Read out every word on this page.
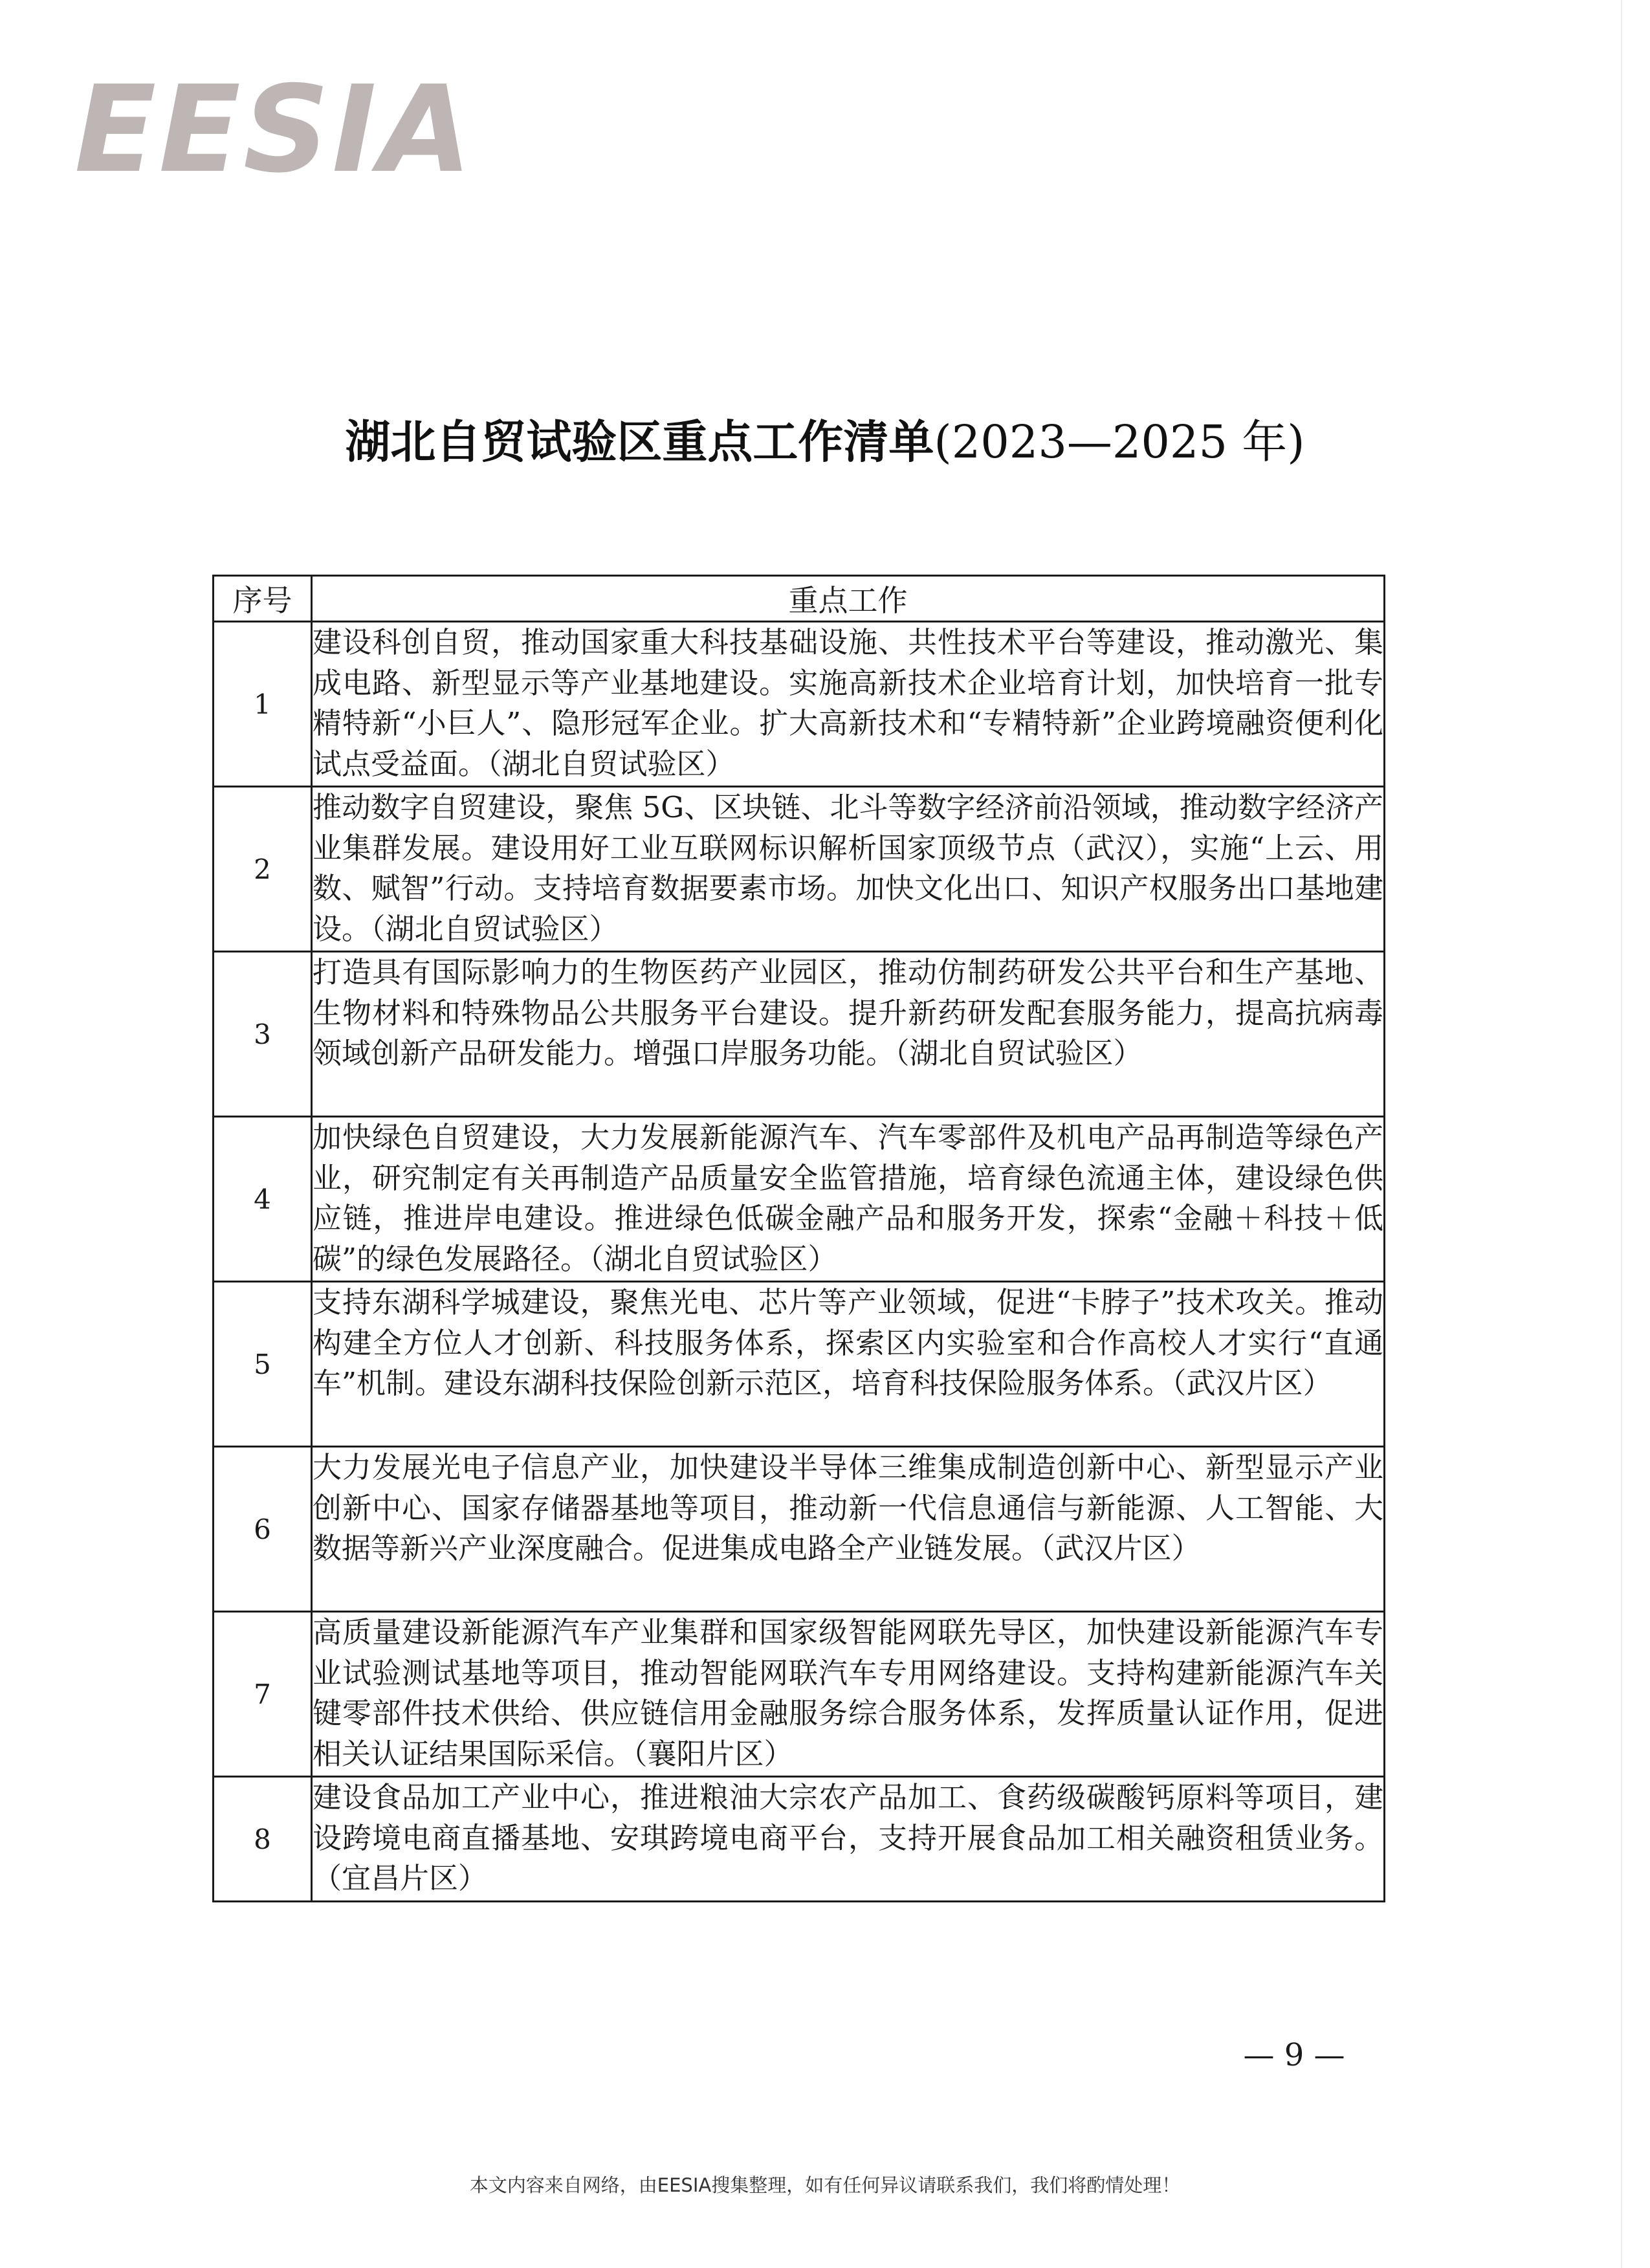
EESIA
湖北自贸试验区重点工作清单(2023—2025 年)
序号	重点工作
1	建设科创自贸，推动国家重大科技基础设施、共性技术平台等建设，推动激光、集成电路、新型显示等产业基地建设。实施高新技术企业培育计划，加快培育一批专精特新“小巨人”、隐形冠军企业。扩大高新技术和“专精特新”企业跨境融资便利化试点受益面。（湖北自贸试验区）
2	推动数字自贸建设，聚焦 5G、区块链、北斗等数字经济前沿领域，推动数字经济产业集群发展。建设用好工业互联网标识解析国家顶级节点（武汉），实施“上云、用数、赋智”行动。支持培育数据要素市场。加快文化出口、知识产权服务出口基地建设。（湖北自贸试验区）
3	打造具有国际影响力的生物医药产业园区，推动仿制药研发公共平台和生产基地、生物材料和特殊物品公共服务平台建设。提升新药研发配套服务能力，提高抗病毒领域创新产品研发能力。增强口岸服务功能。（湖北自贸试验区）
4	加快绿色自贸建设，大力发展新能源汽车、汽车零部件及机电产品再制造等绿色产业，研究制定有关再制造产品质量安全监管措施，培育绿色流通主体，建设绿色供应链，推进岸电建设。推进绿色低碳金融产品和服务开发，探索“金融＋科技＋低碳”的绿色发展路径。（湖北自贸试验区）
5	支持东湖科学城建设，聚焦光电、芯片等产业领域，促进“卡脖子”技术攻关。推动构建全方位人才创新、科技服务体系，探索区内实验室和合作高校人才实行“直通车”机制。建设东湖科技保险创新示范区，培育科技保险服务体系。（武汉片区）
6	大力发展光电子信息产业，加快建设半导体三维集成制造创新中心、新型显示产业创新中心、国家存储器基地等项目，推动新一代信息通信与新能源、人工智能、大数据等新兴产业深度融合。促进集成电路全产业链发展。（武汉片区）
7	高质量建设新能源汽车产业集群和国家级智能网联先导区，加快建设新能源汽车专业试验测试基地等项目，推动智能网联汽车专用网络建设。支持构建新能源汽车关键零部件技术供给、供应链信用金融服务综合服务体系，发挥质量认证作用，促进相关认证结果国际采信。（襄阳片区）
8	建设食品加工产业中心，推进粮油大宗农产品加工、食药级碳酸钙原料等项目，建设跨境电商直播基地、安琪跨境电商平台，支持开展食品加工相关融资租赁业务。（宜昌片区）
— 9 —
本文内容来自网络，由EESIA搜集整理，如有任何异议请联系我们，我们将酌情处理！
